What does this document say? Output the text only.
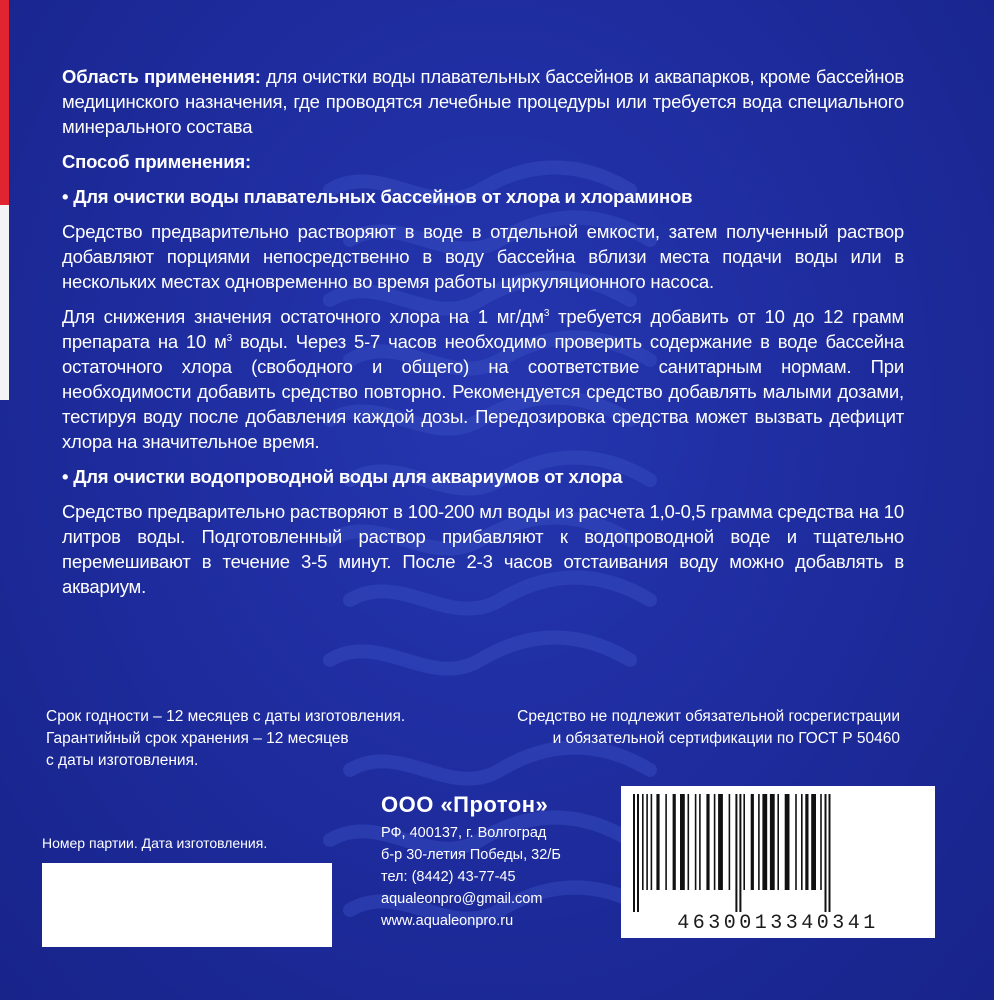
Область применения: для очистки воды плавательных бассейнов и аквапарков, кроме бассейнов медицинского назначения, где проводятся лечебные процедуры или требуется вода специального минерального состава

Способ применения:

• Для очистки воды плавательных бассейнов от хлора и хлораминов

Средство предварительно растворяют в воде в отдельной емкости, затем полученный раствор добавляют порциями непосредственно в воду бассейна вблизи места подачи воды или в нескольких местах одновременно во время работы циркуляционного насоса.

Для снижения значения остаточного хлора на 1 $мг/дм^3$ требуется добавить от 10 до 12 грамм препарата на 10 $м^3$ воды. Через 5-7 часов необходимо проверить содержание в воде бассейна остаточного хлора (свободного и общего) на соответствие санитарным нормам. При необходимости добавить средство повторно. Рекомендуется средство добавлять малыми дозами, тестируя воду после добавления каждой дозы. Передозировка средства может вызвать дефицит хлора на значительное время.

• Для очистки водопроводной воды для аквариумов от хлора

Средство предварительно растворяют в 100-200 мл воды из расчета 1,0-0,5 грамма средства на 10 литров воды. Подготовленный раствор прибавляют к водопроводной воде и тщательно перемешивают в течение 3-5 минут. После 2-3 часов отстаивания воду можно добавлять в аквариум.

Срок годности – 12 месяцев с даты изготовления.
Гарантийный срок хранения – 12 месяцев
с даты изготовления.
Средство не подлежит обязательной госрегистрации
и обязательной сертификации по ГОСТ Р 50460
Номер партии. Дата изготовления.
ООО «Протон»
РФ, 400137, г. Волгоград
б-р 30-летия Победы, 32/Б
тел: (8442) 43-77-45
aqualeonpro@gmail.com
www.aqualeonpro.ru	4630013340341
